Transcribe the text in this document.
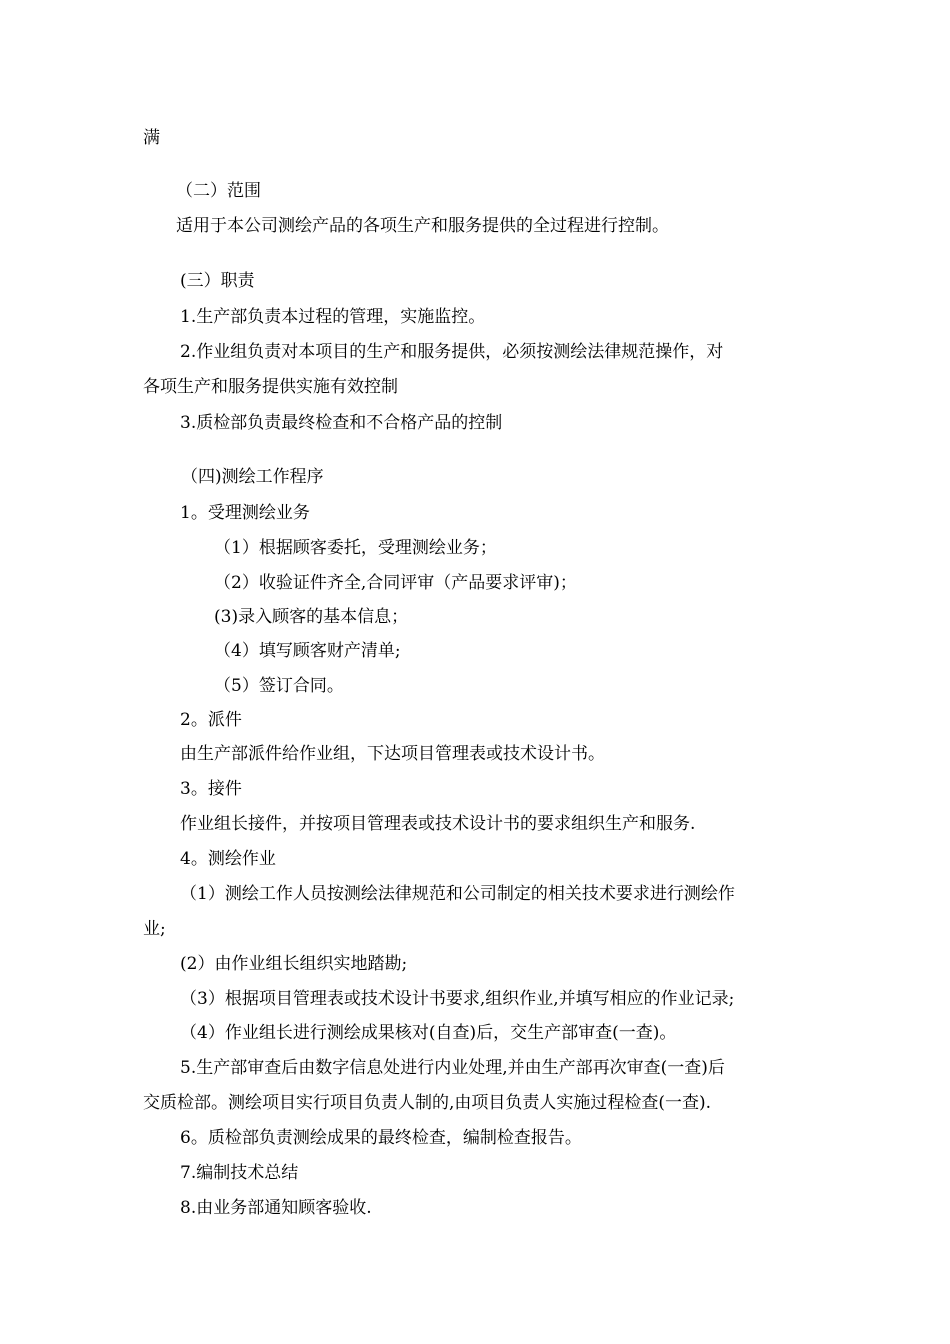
满
（二）范围
适用于本公司测绘产品的各项生产和服务提供的全过程进行控制。
(三）职责
1.生产部负责本过程的管理，实施监控。
2.作业组负责对本项目的生产和服务提供，必须按测绘法律规范操作，对
各项生产和服务提供实施有效控制
3.质检部负责最终检查和不合格产品的控制
（四)测绘工作程序
1。受理测绘业务
（1）根据顾客委托，受理测绘业务；
（2）收验证件齐全,合同评审（产品要求评审)；
(3)录入顾客的基本信息；
（4）填写顾客财产清单;
（5）签订合同。
2。派件
由生产部派件给作业组，下达项目管理表或技术设计书。
3。接件
作业组长接件，并按项目管理表或技术设计书的要求组织生产和服务.
4。测绘作业
（1）测绘工作人员按测绘法律规范和公司制定的相关技术要求进行测绘作
业;
(2）由作业组长组织实地踏勘;
（3）根据项目管理表或技术设计书要求,组织作业,并填写相应的作业记录;
（4）作业组长进行测绘成果核对(自查)后，交生产部审查(一查)。
5.生产部审查后由数字信息处进行内业处理,并由生产部再次审查(一查)后
交质检部。测绘项目实行项目负责人制的,由项目负责人实施过程检查(一查).
6。质检部负责测绘成果的最终检查，编制检查报告。
7.编制技术总结
8.由业务部通知顾客验收.
